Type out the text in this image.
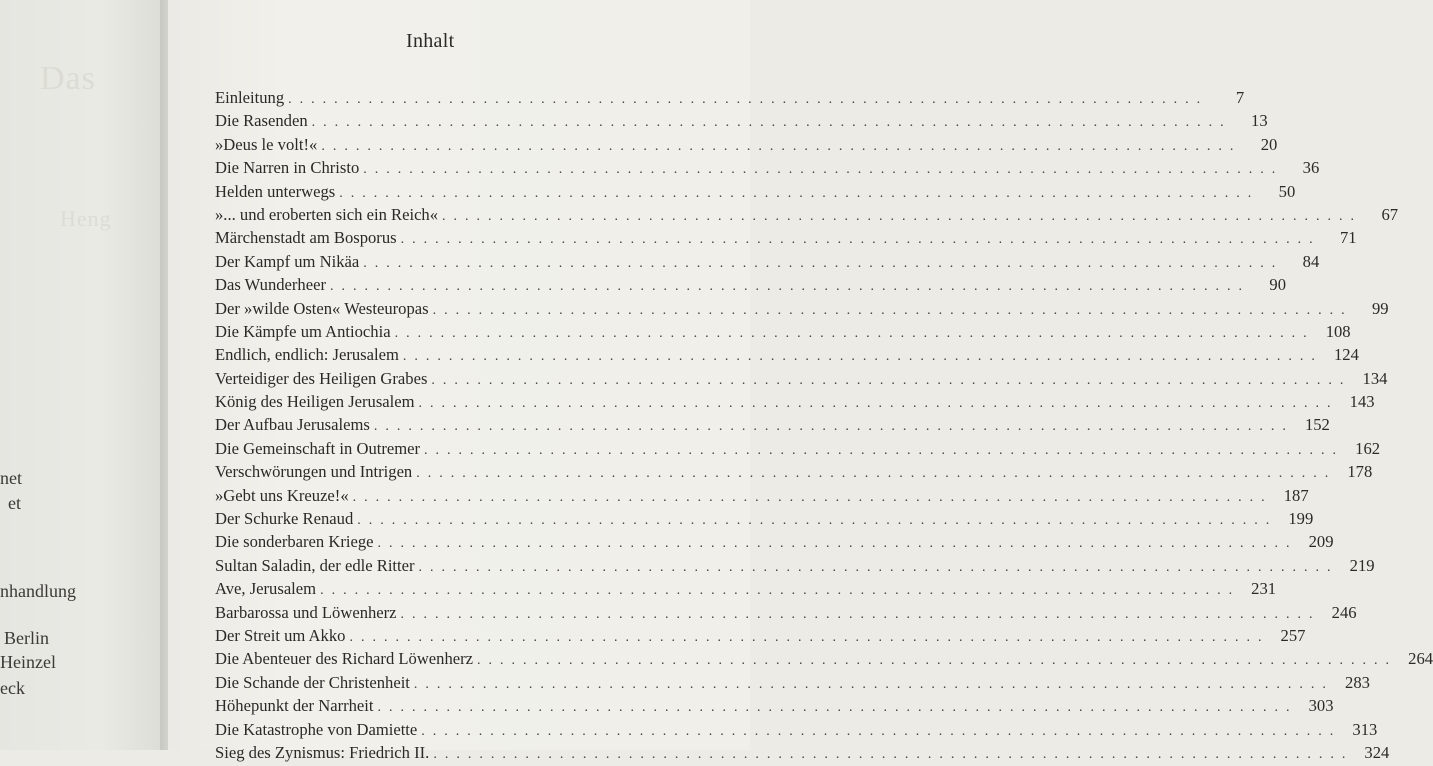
Das
Heng
net
et
nhandlung
Berlin
Heinzel
eck

Inhalt
Einleitung ................................................................................	7
Die Rasenden ................................................................................	13
»Deus le volt!« ................................................................................	20
Die Narren in Christo ................................................................................	36
Helden unterwegs ................................................................................	50
»... und eroberten sich ein Reich« ................................................................................	67
Märchenstadt am Bosporus ................................................................................	71
Der Kampf um Nikäa ................................................................................	84
Das Wunderheer ................................................................................	90
Der »wilde Osten« Westeuropas ................................................................................	99
Die Kämpfe um Antiochia ................................................................................ 108
Endlich, endlich: Jerusalem ................................................................................ 124
Verteidiger des Heiligen Grabes ................................................................................ 134
König des Heiligen Jerusalem ................................................................................ 143
Der Aufbau Jerusalems ................................................................................ 152
Die Gemeinschaft in Outremer ................................................................................ 162
Verschwörungen und Intrigen ................................................................................ 178
»Gebt uns Kreuze!« ................................................................................ 187
Der Schurke Renaud ................................................................................ 199
Die sonderbaren Kriege ................................................................................ 209
Sultan Saladin, der edle Ritter ................................................................................ 219
Ave, Jerusalem ................................................................................ 231
Barbarossa und Löwenherz ................................................................................ 246
Der Streit um Akko ................................................................................ 257
Die Abenteuer des Richard Löwenherz ................................................................................ 264
Die Schande der Christenheit ................................................................................ 283
Höhepunkt der Narrheit ................................................................................ 303
Die Katastrophe von Damiette ................................................................................ 313
Sieg des Zynismus: Friedrich II. ................................................................................ 324
